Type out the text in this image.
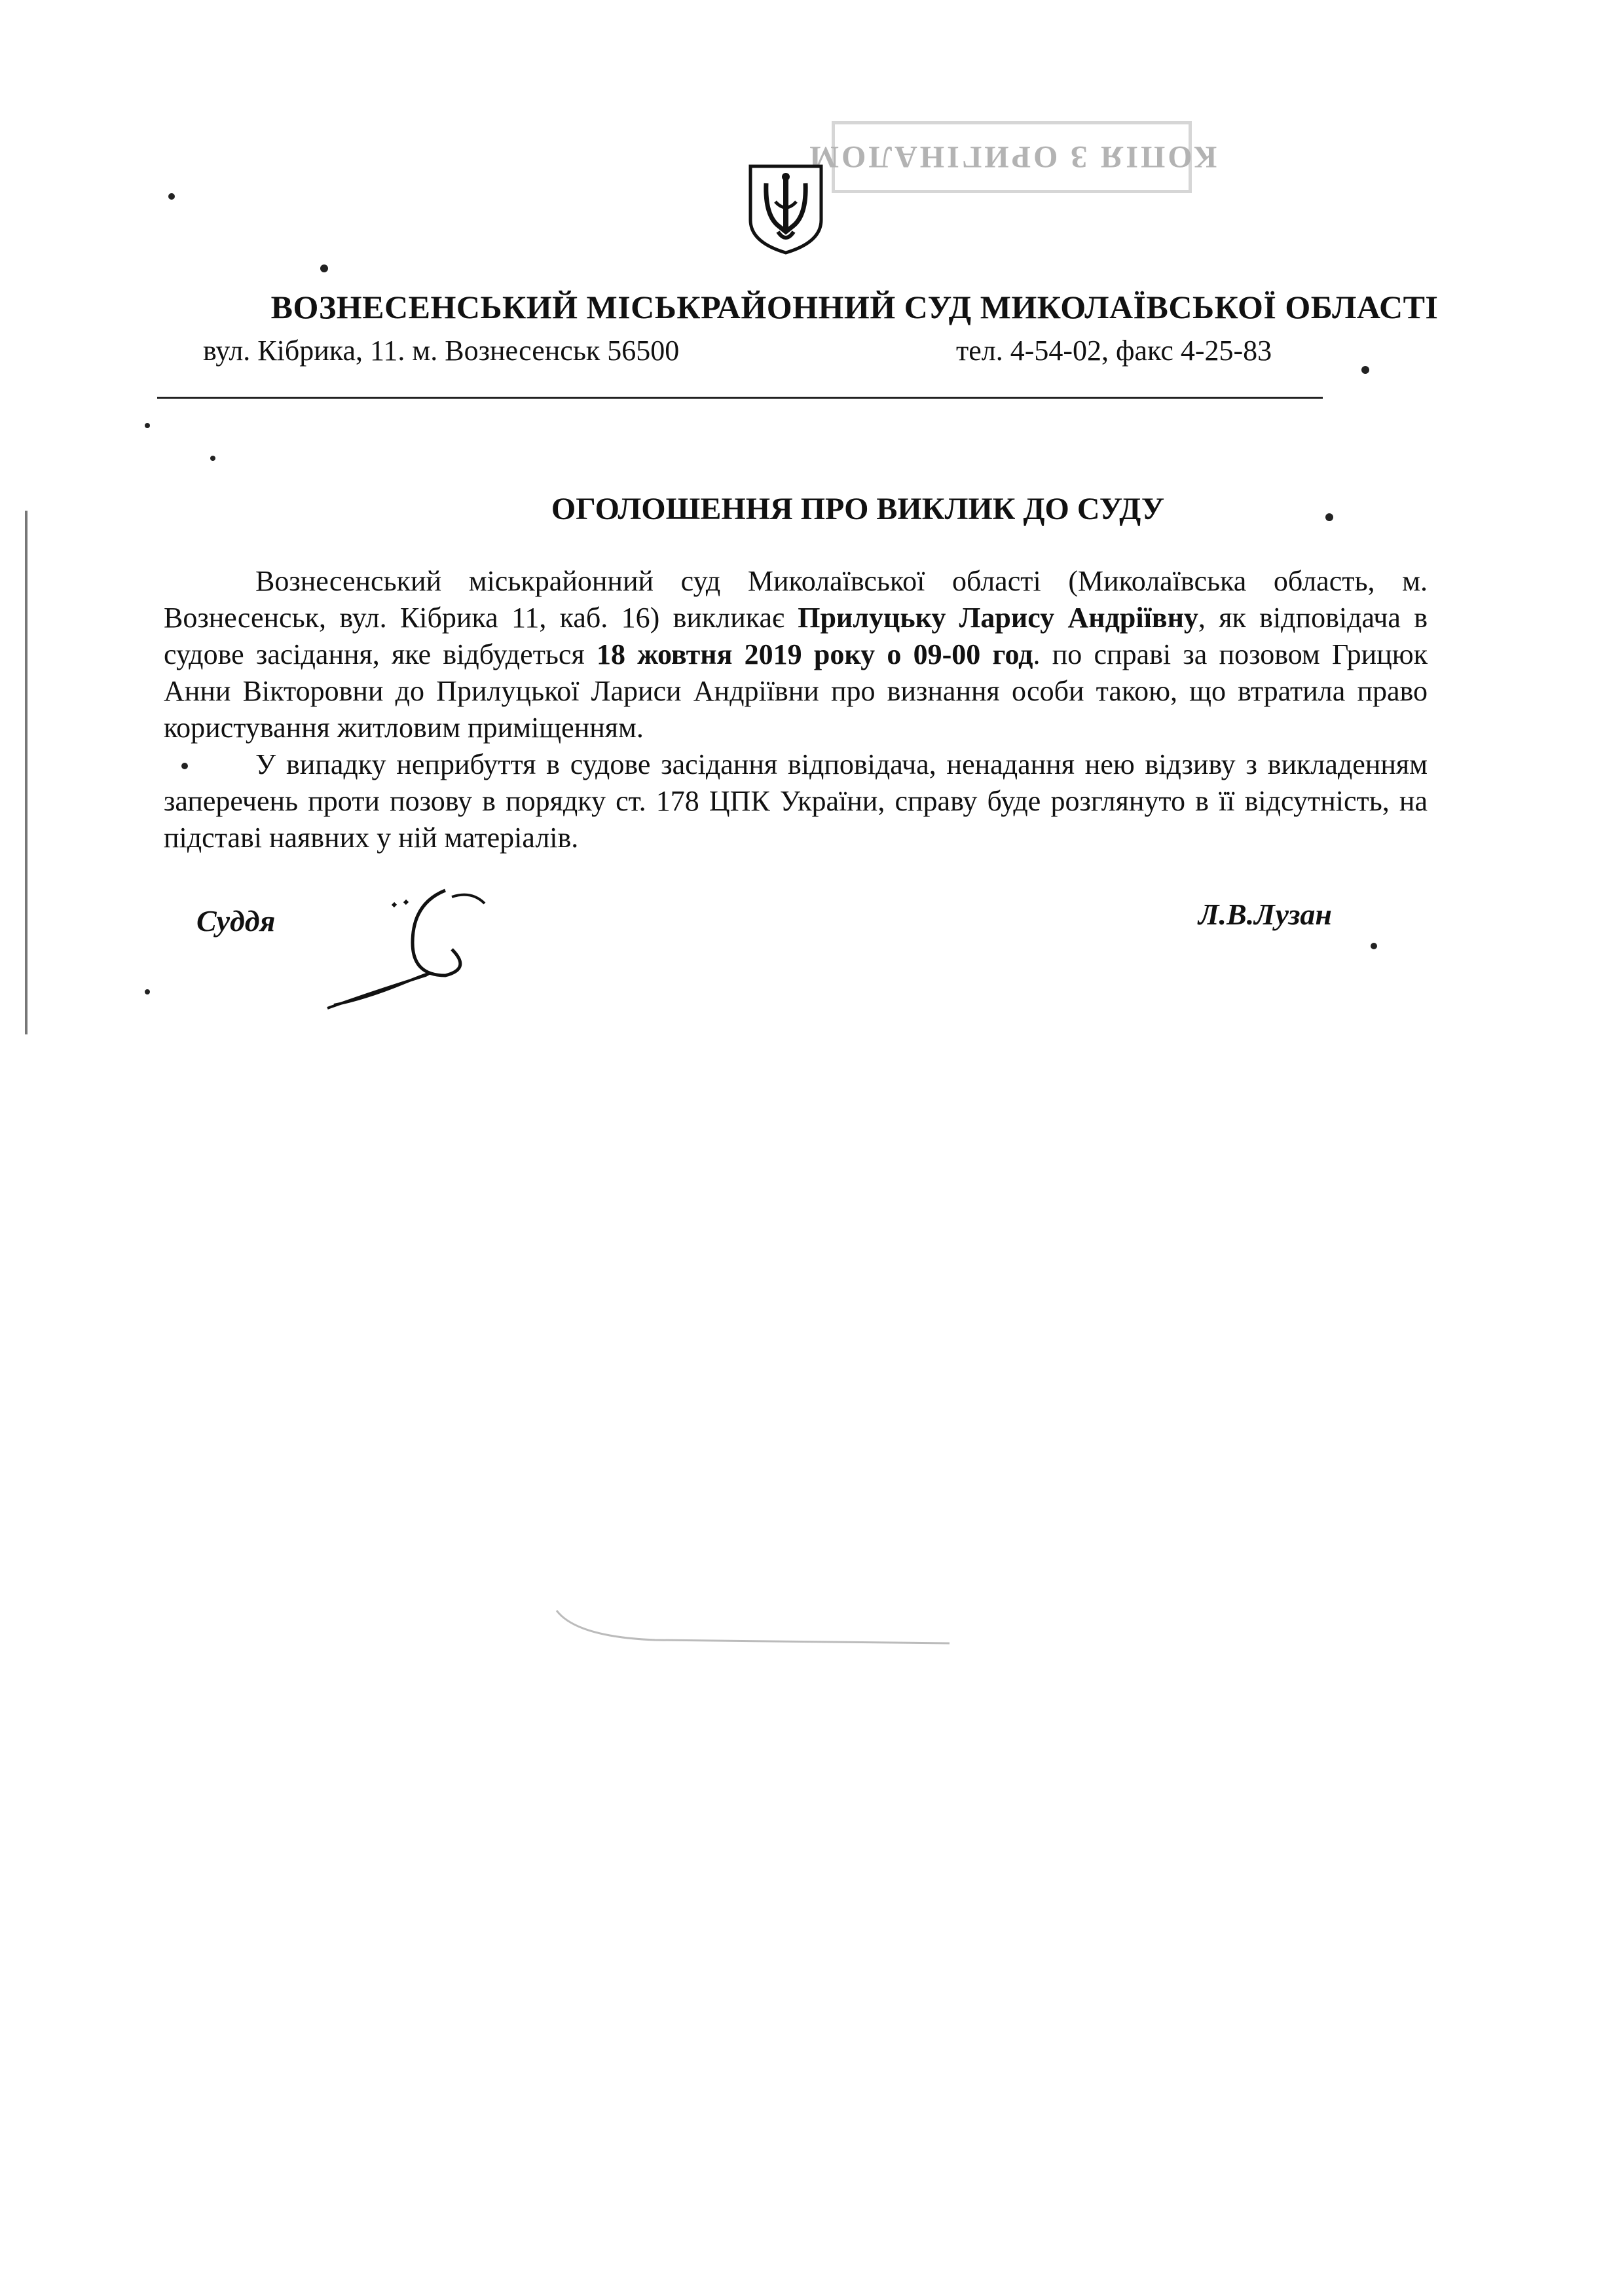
КОПІЯ З ОРИГІНАЛОМ
ВОЗНЕСЕНСЬКИЙ МІСЬКРАЙОННИЙ СУД МИКОЛАЇВСЬКОЇ ОБЛАСТІ
вул. Кібрика, 11. м. Вознесенськ 56500	тел. 4-54-02, факс 4-25-83
ОГОЛОШЕННЯ ПРО ВИКЛИК ДО СУДУ

Вознесенський міськрайонний суд Миколаївської області (Миколаївська область, м. Вознесенськ, вул. Кібрика 11, каб. 16) викликає Прилуцьку Ларису Андріївну, як відповідача в судове засідання, яке відбудеться 18 жовтня 2019 року о 09-00 год. по справі за позовом Грицюк Анни Вікторовни до Прилуцької Лариси Андріївни про визнання особи такою, що втратила право користування житловим приміщенням.

У випадку неприбуття в судове засідання відповідача, ненадання нею відзиву з викладенням заперечень проти позову в порядку ст. 178 ЦПК України, справу буде розглянуто в її відсутність, на підставі наявних у ній матеріалів.

Суддя	Л.В.Лузан
